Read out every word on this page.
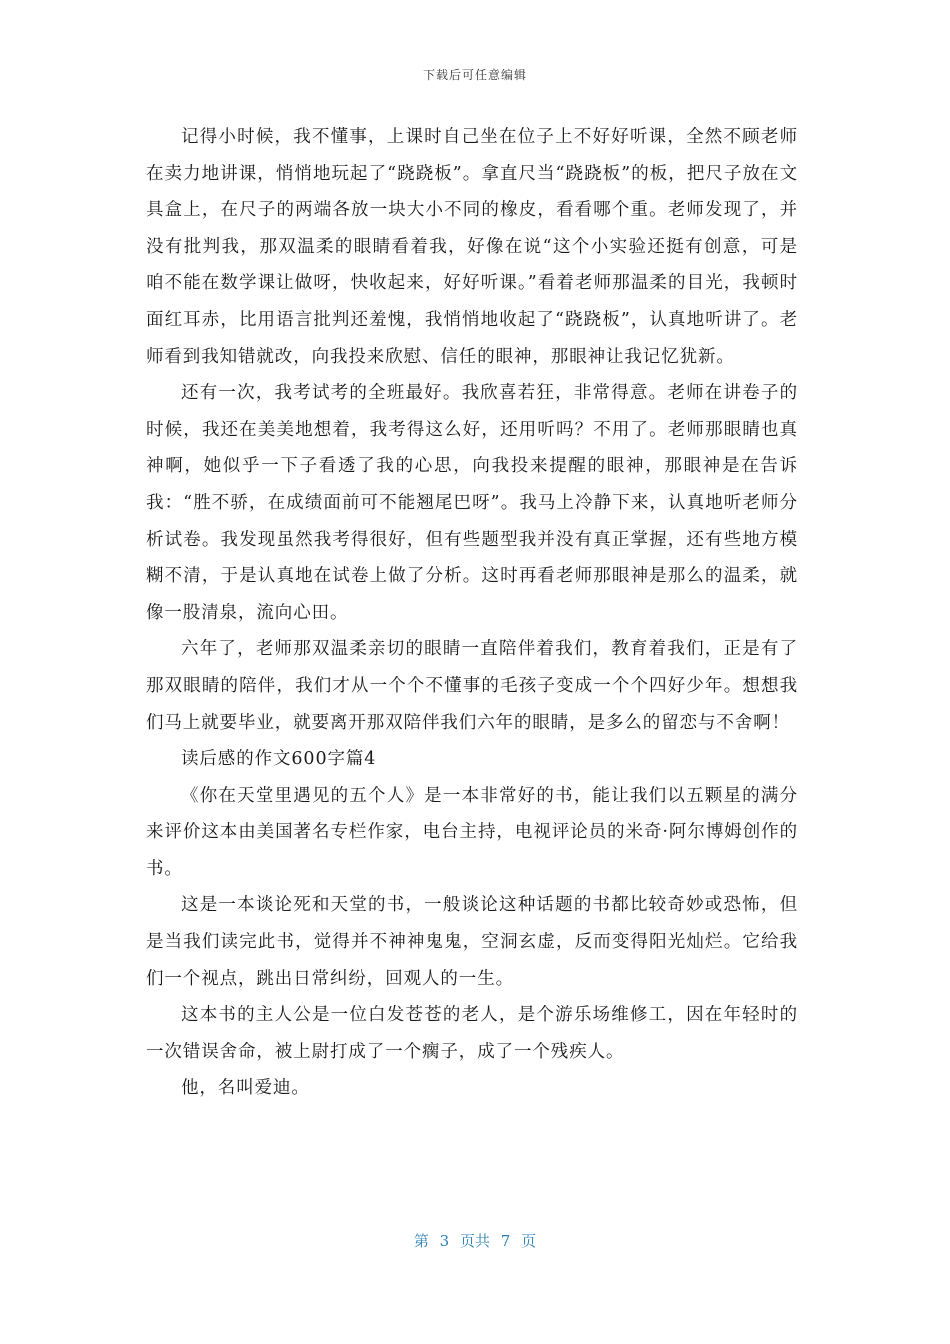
下载后可任意编辑

记得小时候，我不懂事，上课时自己坐在位子上不好好听课，全然不顾老师在卖力地讲课，悄悄地玩起了“跷跷板”。拿直尺当“跷跷板”的板，把尺子放在文具盒上，在尺子的两端各放一块大小不同的橡皮，看看哪个重。老师发现了，并没有批判我，那双温柔的眼睛看着我，好像在说“这个小实验还挺有创意，可是咱不能在数学课让做呀，快收起来，好好听课。”看着老师那温柔的目光，我顿时面红耳赤，比用语言批判还羞愧，我悄悄地收起了“跷跷板”，认真地听讲了。老师看到我知错就改，向我投来欣慰、信任的眼神，那眼神让我记忆犹新。

还有一次，我考试考的全班最好。我欣喜若狂，非常得意。老师在讲卷子的时候，我还在美美地想着，我考得这么好，还用听吗？不用了。老师那眼睛也真神啊，她似乎一下子看透了我的心思，向我投来提醒的眼神，那眼神是在告诉我：“胜不骄，在成绩面前可不能翘尾巴呀”。我马上冷静下来，认真地听老师分析试卷。我发现虽然我考得很好，但有些题型我并没有真正掌握，还有些地方模糊不清，于是认真地在试卷上做了分析。这时再看老师那眼神是那么的温柔，就像一股清泉，流向心田。

六年了，老师那双温柔亲切的眼睛一直陪伴着我们，教育着我们，正是有了那双眼睛的陪伴，我们才从一个个不懂事的毛孩子变成一个个四好少年。想想我们马上就要毕业，就要离开那双陪伴我们六年的眼睛，是多么的留恋与不舍啊！

读后感的作文600字篇4

《你在天堂里遇见的五个人》是一本非常好的书，能让我们以五颗星的满分来评价这本由美国著名专栏作家，电台主持，电视评论员的米奇·阿尔博姆创作的书。

这是一本谈论死和天堂的书，一般谈论这种话题的书都比较奇妙或恐怖，但是当我们读完此书，觉得并不神神鬼鬼，空洞玄虚，反而变得阳光灿烂。它给我们一个视点，跳出日常纠纷，回观人的一生。

这本书的主人公是一位白发苍苍的老人，是个游乐场维修工，因在年轻时的一次错误舍命，被上尉打成了一个瘸子，成了一个残疾人。

他，名叫爱迪。

第 3 页共 7 页
